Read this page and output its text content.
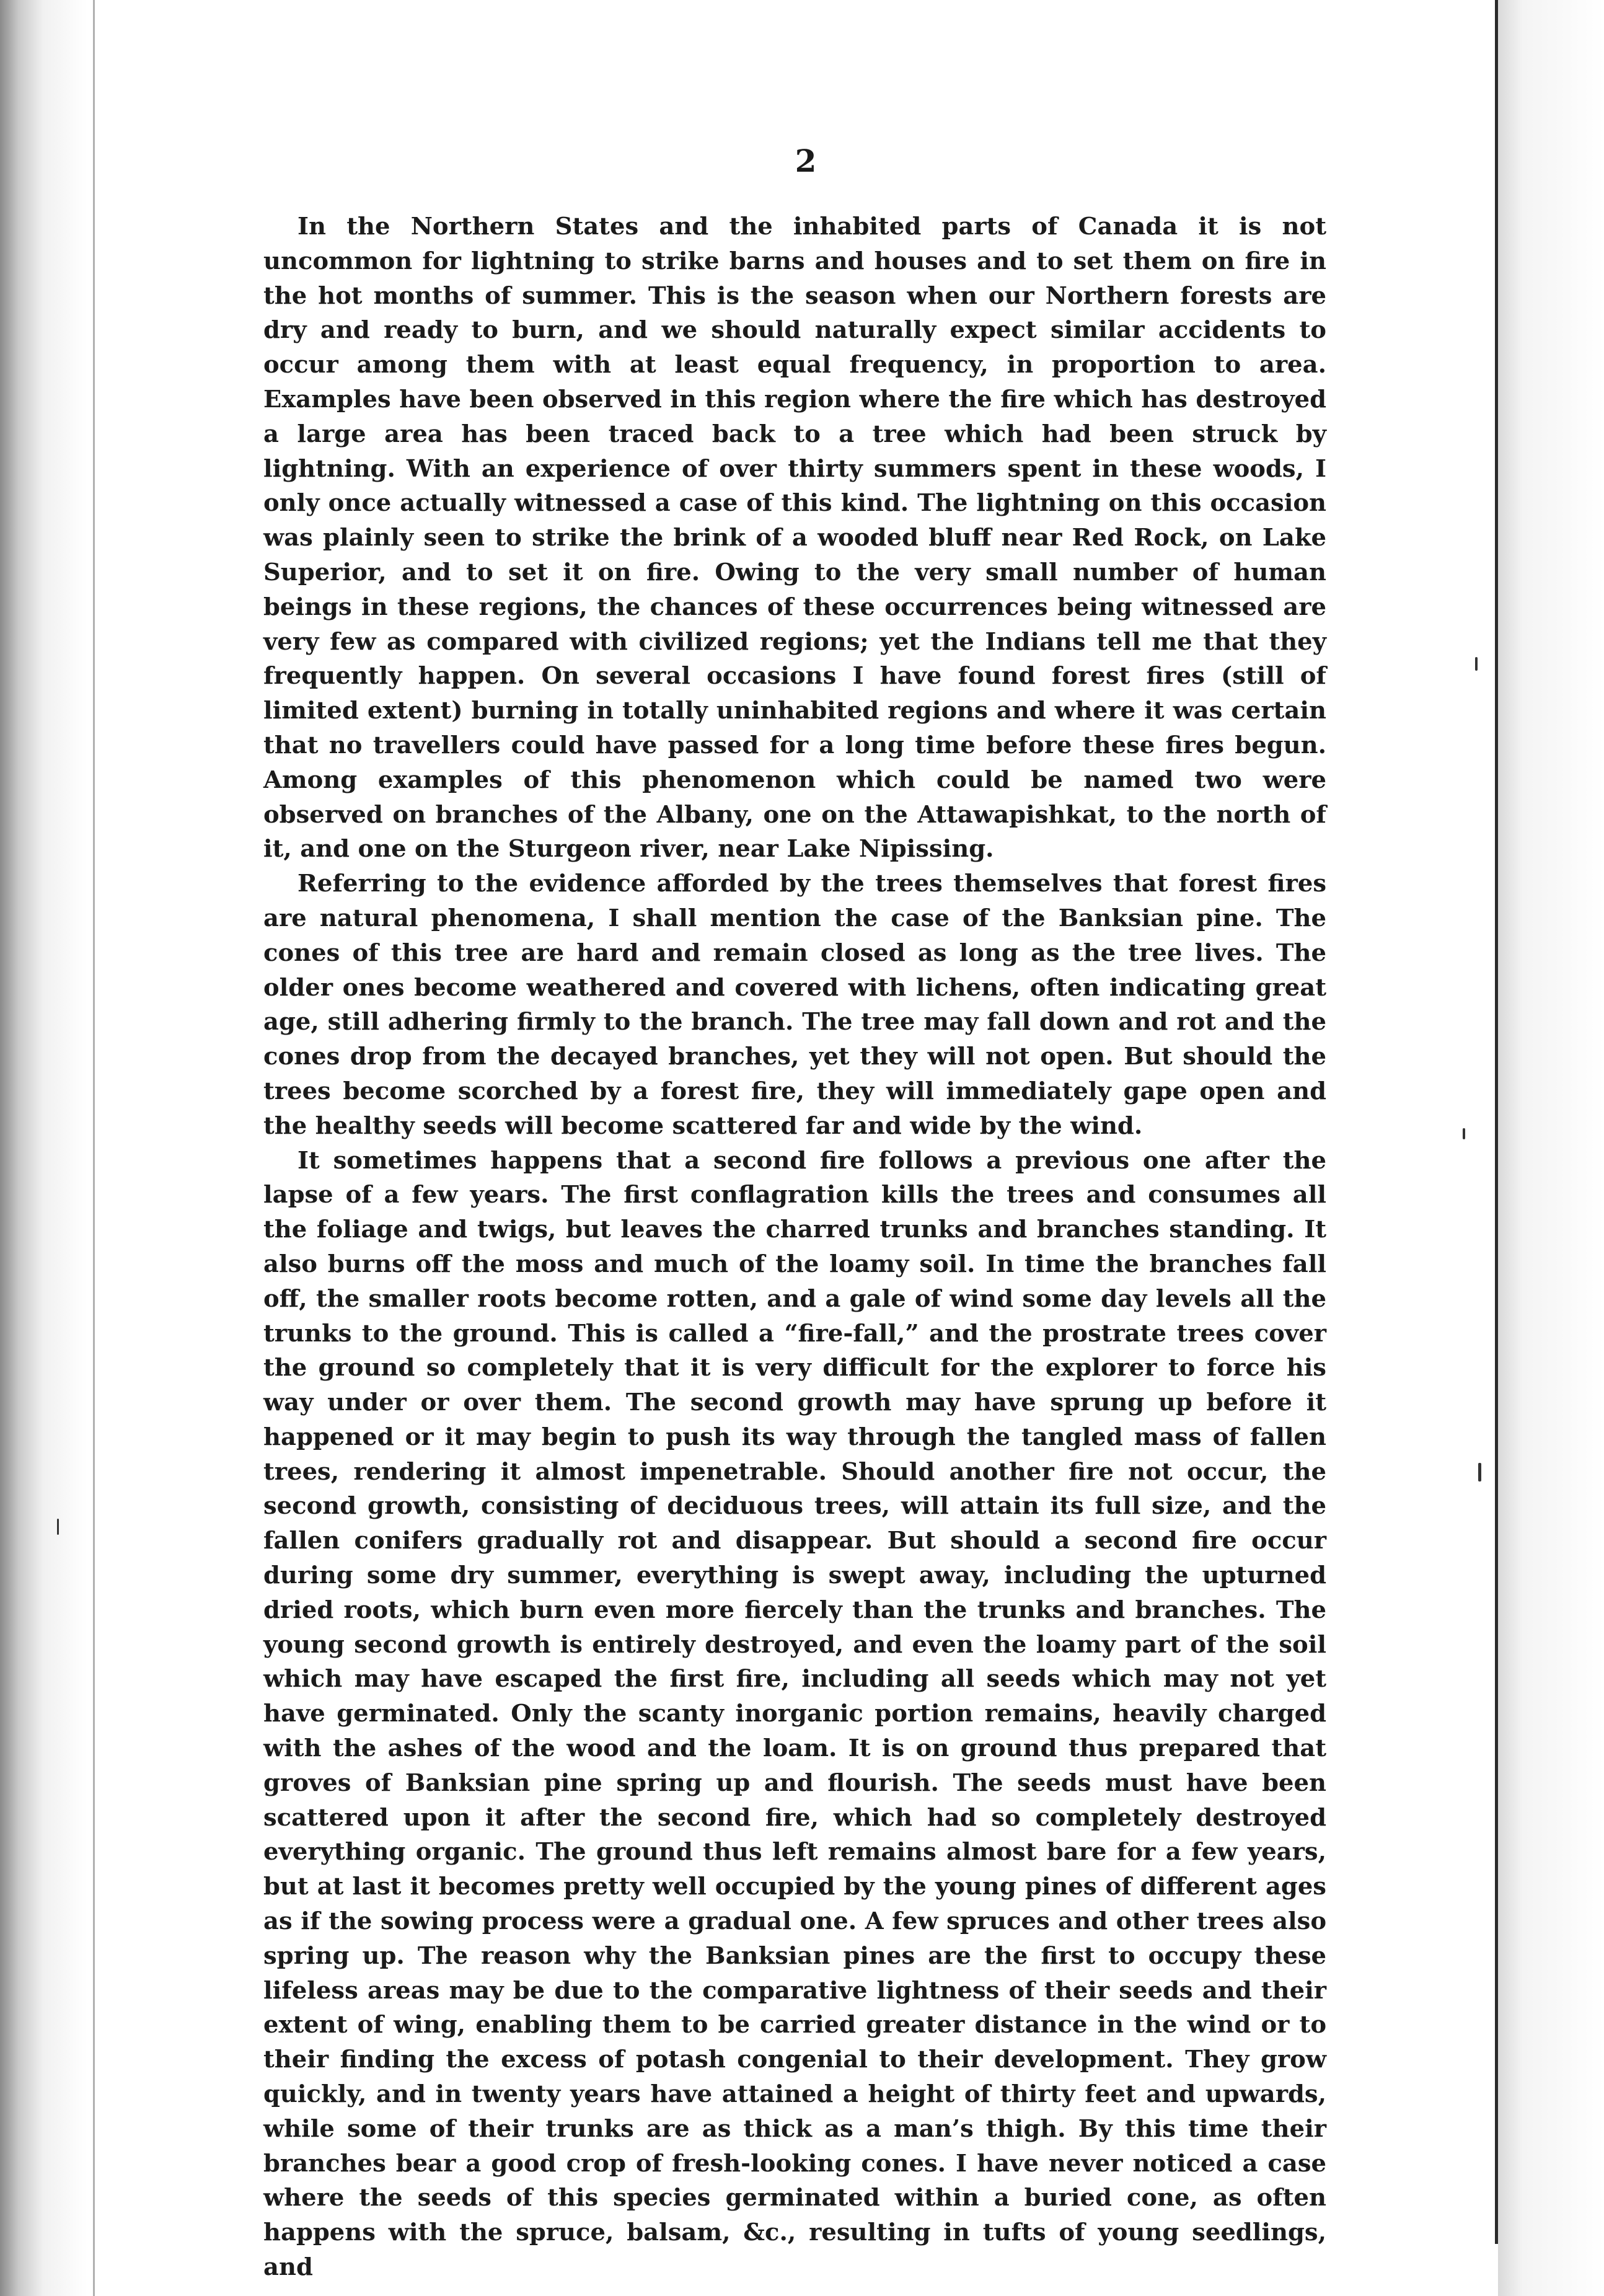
2

In the Northern States and the inhabited parts of Canada it is not uncommon for lightning to strike barns and houses and to set them on fire in the hot months of summer. This is the season when our Northern forests are dry and ready to burn, and we should naturally expect similar accidents to occur among them with at least equal frequency, in proportion to area. Examples have been observed in this region where the fire which has destroyed a large area has been traced back to a tree which had been struck by lightning. With an experience of over thirty summers spent in these woods, I only once actually witnessed a case of this kind. The lightning on this occasion was plainly seen to strike the brink of a wooded bluff near Red Rock, on Lake Superior, and to set it on fire. Owing to the very small number of human beings in these regions, the chances of these occurrences being witnessed are very few as compared with civilized regions; yet the Indians tell me that they frequently happen. On several occasions I have found forest fires (still of limited extent) burning in totally uninhabited regions and where it was certain that no travellers could have passed for a long time before these fires begun. Among examples of this phenomenon which could be named two were observed on branches of the Albany, one on the Attawapishkat, to the north of it, and one on the Sturgeon river, near Lake Nipissing.

Referring to the evidence afforded by the trees themselves that forest fires are natural phenomena, I shall mention the case of the Banksian pine. The cones of this tree are hard and remain closed as long as the tree lives. The older ones become weathered and covered with lichens, often indicating great age, still adhering firmly to the branch. The tree may fall down and rot and the cones drop from the decayed branches, yet they will not open. But should the trees become scorched by a forest fire, they will immediately gape open and the healthy seeds will become scattered far and wide by the wind.

It sometimes happens that a second fire follows a previous one after the lapse of a few years. The first conflagration kills the trees and consumes all the foliage and twigs, but leaves the charred trunks and branches standing. It also burns off the moss and much of the loamy soil. In time the branches fall off, the smaller roots become rotten, and a gale of wind some day levels all the trunks to the ground. This is called a “fire-fall,” and the prostrate trees cover the ground so completely that it is very difficult for the explorer to force his way under or over them. The second growth may have sprung up before it happened or it may begin to push its way through the tangled mass of fallen trees, rendering it almost impenetrable. Should another fire not occur, the second growth, consisting of deciduous trees, will attain its full size, and the fallen conifers gradually rot and disappear. But should a second fire occur during some dry summer, everything is swept away, including the upturned dried roots, which burn even more fiercely than the trunks and branches. The young second growth is entirely destroyed, and even the loamy part of the soil which may have escaped the first fire, including all seeds which may not yet have germinated. Only the scanty inorganic portion remains, heavily charged with the ashes of the wood and the loam. It is on ground thus prepared that groves of Banksian pine spring up and flourish. The seeds must have been scattered upon it after the second fire, which had so completely destroyed everything organic. The ground thus left remains almost bare for a few years, but at last it becomes pretty well occupied by the young pines of different ages as if the sowing process were a gradual one. A few spruces and other trees also spring up. The reason why the Banksian pines are the first to occupy these lifeless areas may be due to the comparative lightness of their seeds and their extent of wing, enabling them to be carried greater distance in the wind or to their finding the excess of potash congenial to their development. They grow quickly, and in twenty years have attained a height of thirty feet and upwards, while some of their trunks are as thick as a man’s thigh. By this time their branches bear a good crop of fresh-looking cones. I have never noticed a case where the seeds of this species germinated within a buried cone, as often happens with the spruce, balsam, &c., resulting in tufts of young seedlings, and
